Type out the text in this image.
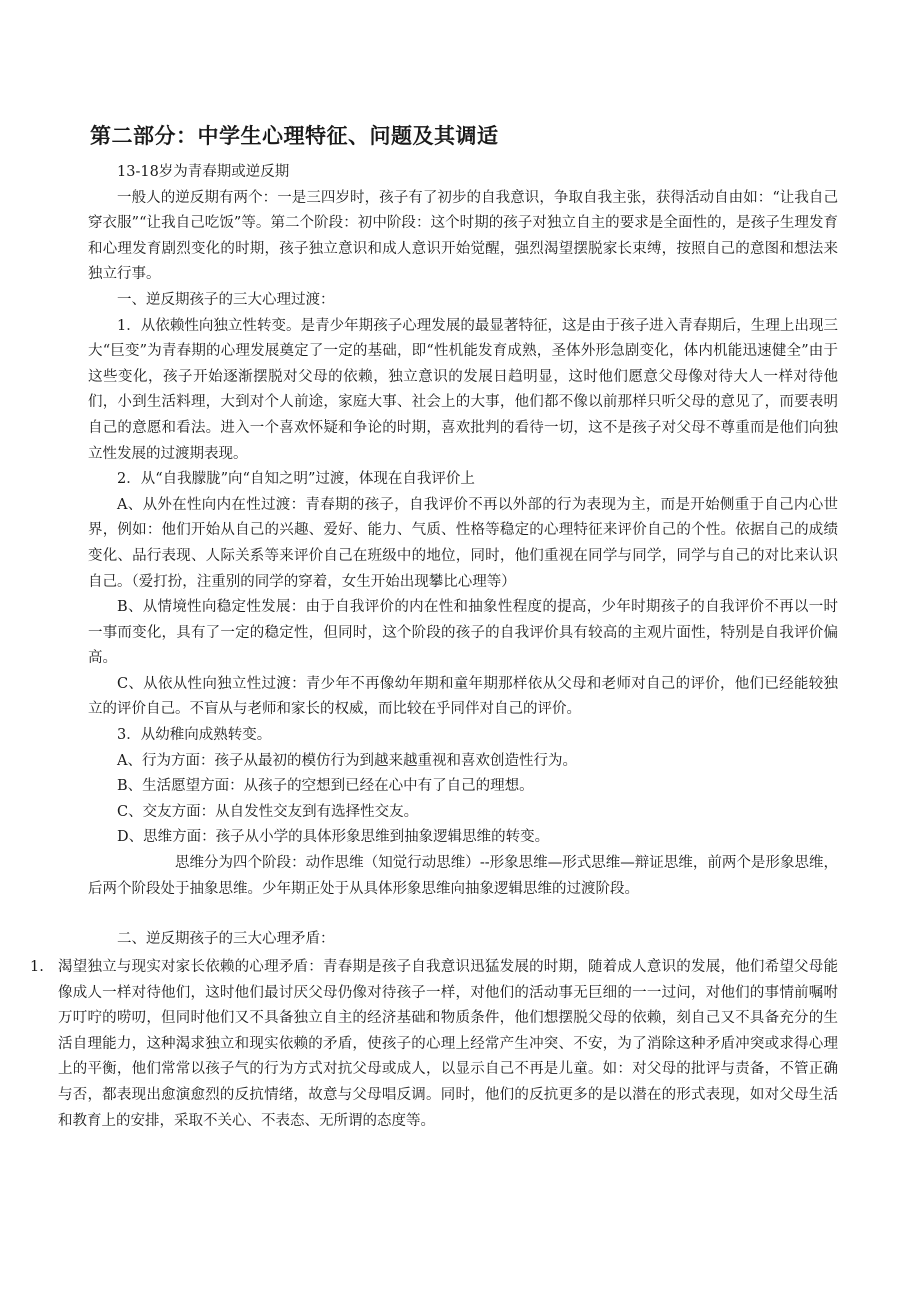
第二部分：中学生心理特征、问题及其调适

13-18岁为青春期或逆反期

一般人的逆反期有两个：一是三四岁时，孩子有了初步的自我意识，争取自我主张，获得活动自由如：“让我自己穿衣服”“让我自己吃饭”等。第二个阶段：初中阶段：这个时期的孩子对独立自主的要求是全面性的，是孩子生理发育和心理发育剧烈变化的时期，孩子独立意识和成人意识开始觉醒，强烈渴望摆脱家长束缚，按照自己的意图和想法来独立行事。

一、逆反期孩子的三大心理过渡：

1．从依赖性向独立性转变。是青少年期孩子心理发展的最显著特征，这是由于孩子进入青春期后，生理上出现三大“巨变”为青春期的心理发展奠定了一定的基础，即“性机能发育成熟，圣体外形急剧变化，体内机能迅速健全”由于这些变化，孩子开始逐渐摆脱对父母的依赖，独立意识的发展日趋明显，这时他们愿意父母像对待大人一样对待他们，小到生活料理，大到对个人前途，家庭大事、社会上的大事，他们都不像以前那样只听父母的意见了，而要表明自己的意愿和看法。进入一个喜欢怀疑和争论的时期，喜欢批判的看待一切，这不是孩子对父母不尊重而是他们向独立性发展的过渡期表现。

2．从“自我朦胧”向“自知之明”过渡，体现在自我评价上

A、从外在性向内在性过渡：青春期的孩子，自我评价不再以外部的行为表现为主，而是开始侧重于自己内心世界，例如：他们开始从自己的兴趣、爱好、能力、气质、性格等稳定的心理特征来评价自己的个性。依据自己的成绩变化、品行表现、人际关系等来评价自己在班级中的地位，同时，他们重视在同学与同学，同学与自己的对比来认识自己。（爱打扮，注重别的同学的穿着，女生开始出现攀比心理等）

B、从情境性向稳定性发展：由于自我评价的内在性和抽象性程度的提高，少年时期孩子的自我评价不再以一时一事而变化，具有了一定的稳定性，但同时，这个阶段的孩子的自我评价具有较高的主观片面性，特别是自我评价偏高。

C、从依从性向独立性过渡：青少年不再像幼年期和童年期那样依从父母和老师对自己的评价，他们已经能较独立的评价自己。不盲从与老师和家长的权威，而比较在乎同伴对自己的评价。

3．从幼稚向成熟转变。

A、行为方面：孩子从最初的模仿行为到越来越重视和喜欢创造性行为。

B、生活愿望方面：从孩子的空想到已经在心中有了自己的理想。

C、交友方面：从自发性交友到有选择性交友。

D、思维方面：孩子从小学的具体形象思维到抽象逻辑思维的转变。

思维分为四个阶段：动作思维（知觉行动思维）--形象思维—形式思维—辩证思维，前两个是形象思维，后两个阶段处于抽象思维。少年期正处于从具体形象思维向抽象逻辑思维的过渡阶段。

二、逆反期孩子的三大心理矛盾：

1. 渴望独立与现实对家长依赖的心理矛盾：青春期是孩子自我意识迅猛发展的时期，随着成人意识的发展，他们希望父母能像成人一样对待他们，这时他们最讨厌父母仍像对待孩子一样，对他们的活动事无巨细的一一过问，对他们的事情前嘱咐万叮咛的唠叨，但同时他们又不具备独立自主的经济基础和物质条件，他们想摆脱父母的依赖，刻自己又不具备充分的生活自理能力，这种渴求独立和现实依赖的矛盾，使孩子的心理上经常产生冲突、不安，为了消除这种矛盾冲突或求得心理上的平衡，他们常常以孩子气的行为方式对抗父母或成人，以显示自己不再是儿童。如：对父母的批评与责备，不管正确与否，都表现出愈演愈烈的反抗情绪，故意与父母唱反调。同时，他们的反抗更多的是以潜在的形式表现，如对父母生活和教育上的安排，采取不关心、不表态、无所谓的态度等。
